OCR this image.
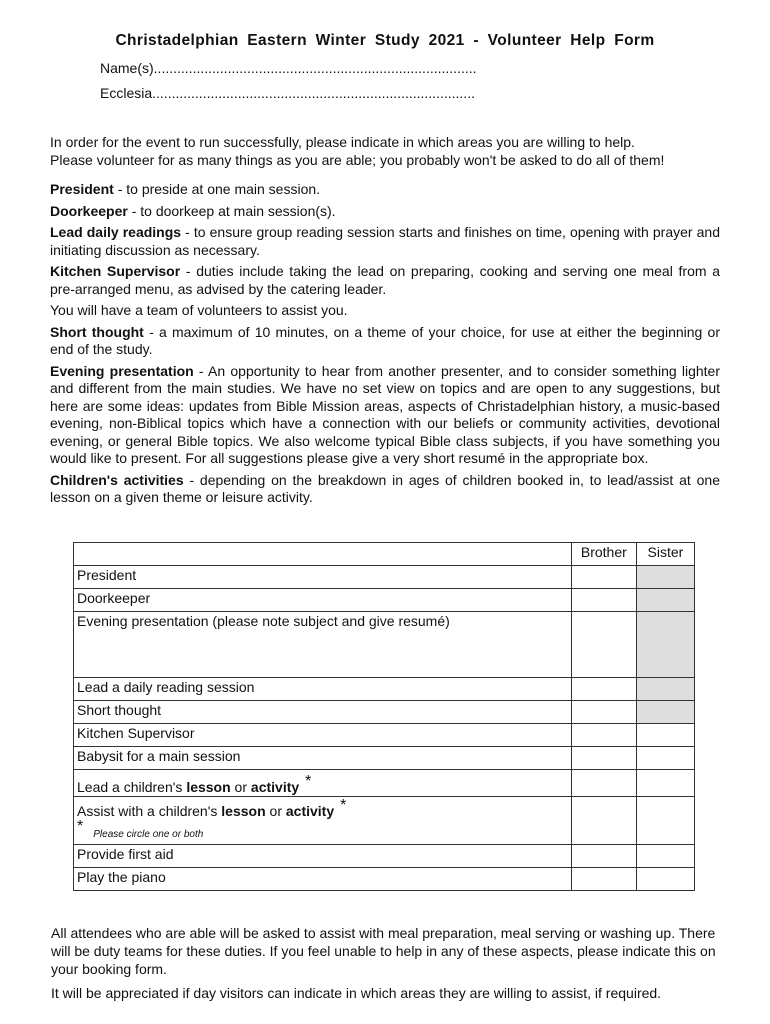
Christadelphian Eastern Winter Study 2021 - Volunteer Help Form
Name(s)...................................................................................
Ecclesia...................................................................................
In order for the event to run successfully, please indicate in which areas you are willing to help.
Please volunteer for as many things as you are able; you probably won't be asked to do all of them!

President - to preside at one main session.

Doorkeeper - to doorkeep at main session(s).

Lead daily readings - to ensure group reading session starts and finishes on time, opening with prayer and initiating discussion as necessary.

Kitchen Supervisor - duties include taking the lead on preparing, cooking and serving one meal from a pre-arranged menu, as advised by the catering leader.

You will have a team of volunteers to assist you.

Short thought - a maximum of 10 minutes, on a theme of your choice, for use at either the beginning or end of the study.

Evening presentation - An opportunity to hear from another presenter, and to consider something lighter and different from the main studies. We have no set view on topics and are open to any suggestions, but here are some ideas: updates from Bible Mission areas, aspects of Christadelphian history, a music-based evening, non-Biblical topics which have a connection with our beliefs or community activities, devotional evening, or general Bible topics. We also welcome typical Bible class subjects, if you have something you would like to present. For all suggestions please give a very short resumé in the appropriate box.

Children's activities - depending on the breakdown in ages of children booked in, to lead/assist at one lesson on a given theme or leisure activity.

	Brother	Sister
President		
Doorkeeper		
Evening presentation (please note subject and give resumé)		
Lead a daily reading session		
Short thought		
Kitchen Supervisor		
Babysit for a main session		
Lead a children's lesson or activity *		
Assist with a children's lesson or activity *
* Please circle one or both		
Provide first aid		
Play the piano		

All attendees who are able will be asked to assist with meal preparation, meal serving or washing up. There will be duty teams for these duties. If you feel unable to help in any of these aspects, please indicate this on your booking form.

It will be appreciated if day visitors can indicate in which areas they are willing to assist, if required.
